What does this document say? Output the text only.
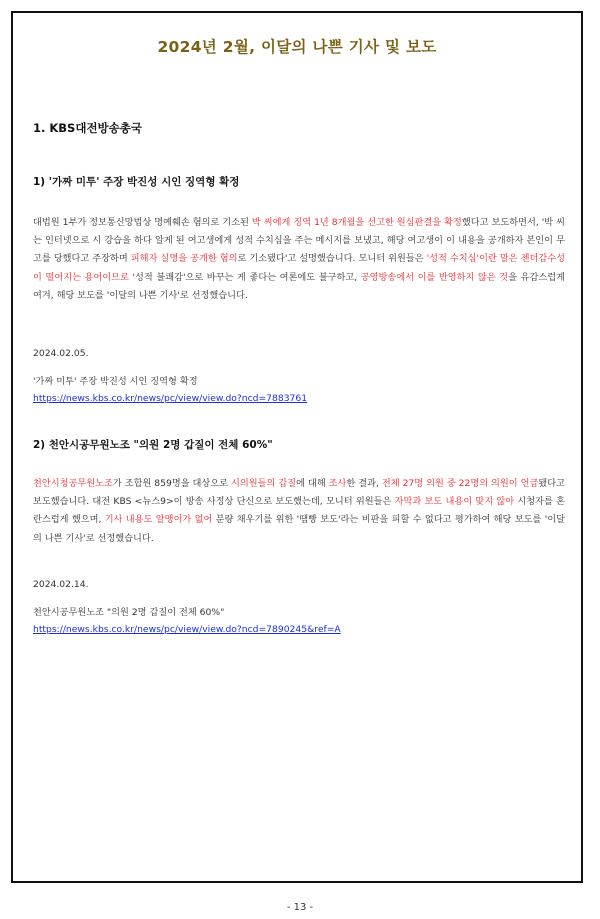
2024년 2월, 이달의 나쁜 기사 및 보도
1. KBS대전방송총국
1) '가짜 미투' 주장 박진성 시인 징역형 확정
대법원 1부가 정보통신망법상 명예훼손 혐의로 기소된 박 씨에게 징역 1년 8개월을 선고한 원심판결을 확정했다고 보도하면서, '박 씨는 인터넷으로 시 강습을 하다 알게 된 여고생에게 성적 수치심을 주는 메시지를 보냈고, 해당 여고생이 이 내용을 공개하자 본인이 무고를 당했다고 주장하며 피해자 실명을 공개한 혐의로 기소됐다'고 설명했습니다. 모니터 위원들은 '성적 수치심'이란 말은 젠더감수성이 떨어지는 용어이므로 '성적 불쾌감'으로 바꾸는 게 좋다는 여론에도 불구하고, 공영방송에서 이를 반영하지 않은 것을 유감스럽게 여겨, 해당 보도를 '이달의 나쁜 기사'로 선정했습니다.
2024.02.05.
'가짜 미투' 주장 박진성 시인 징역형 확정
https://news.kbs.co.kr/news/pc/view/view.do?ncd=7883761
2) 천안시공무원노조 "의원 2명 갑질이 전체 60%"
천안시청공무원노조가 조합원 859명을 대상으로 시의원들의 갑질에 대해 조사한 결과, 전체 27명 의원 중 22명의 의원이 언급됐다고 보도했습니다. 대전 KBS <뉴스9>이 방송 사정상 단신으로 보도했는데, 모니터 위원들은 자막과 보도 내용이 맞지 않아 시청자를 혼란스럽게 했으며, 기사 내용도 알맹이가 없어 분량 채우기를 위한 '땜빵 보도'라는 비판을 피할 수 없다고 평가하여 해당 보도를 '이달의 나쁜 기사'로 선정했습니다.
2024.02.14.
천안시공무원노조 "의원 2명 갑질이 전체 60%"
https://news.kbs.co.kr/news/pc/view/view.do?ncd=7890245&ref=A
- 13 -
